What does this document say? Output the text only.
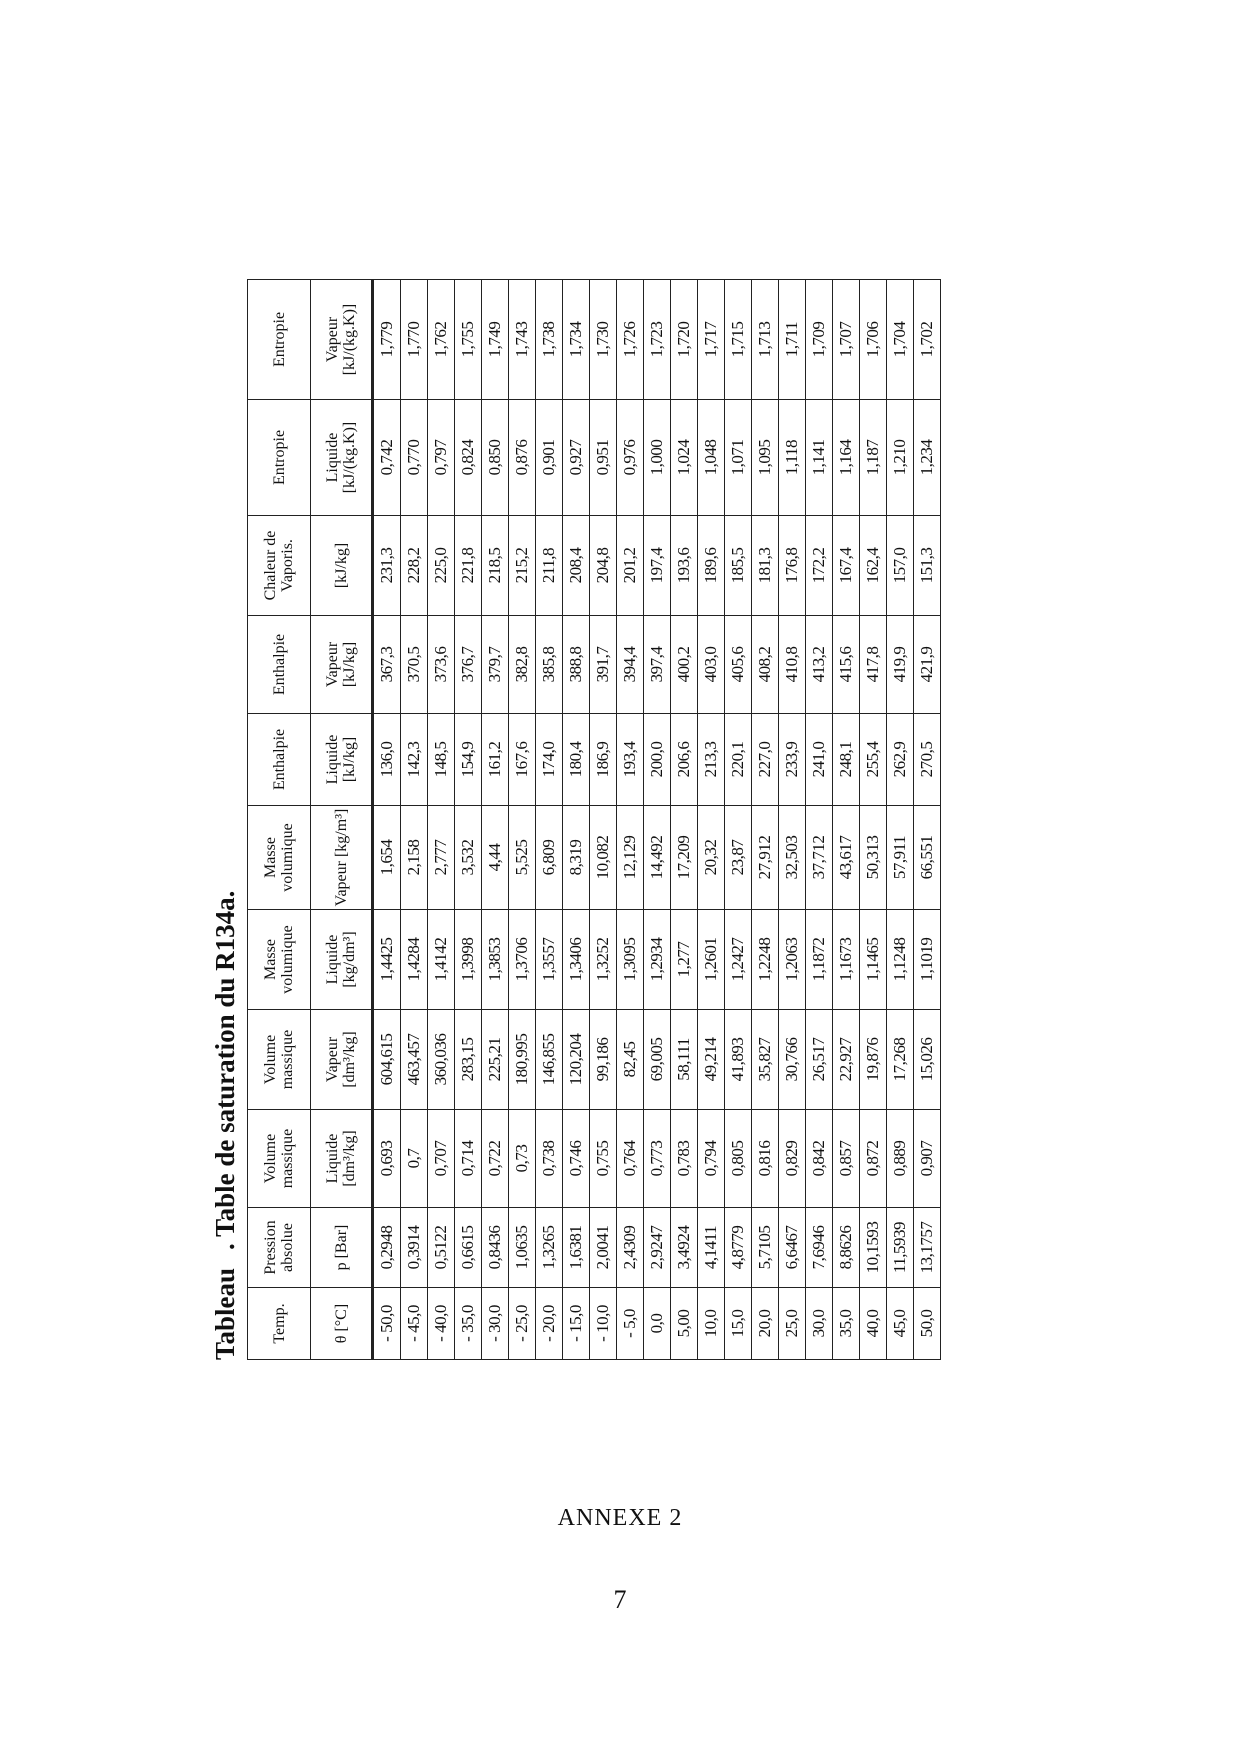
Tableau. Table de saturation du R134a.
Temp.	Pression absolue	Volume massique	Volume massique	Masse volumique	Masse volumique	Enthalpie	Enthalpie	Chaleur de Vaporis.	Entropie	Entropie
θ [°C]	p [Bar]	Liquide [dm³/kg]	Vapeur [dm³/kg]	Liquide [kg/dm³]	Vapeur [kg/m³]	Liquide [kJ/kg]	Vapeur [kJ/kg]	[kJ/kg]	Liquide [kJ/(kg.K)]	Vapeur [kJ/(kg.K)]
- 50,0	0,2948	0,693	604,615	1,4425	1,654	136,0	367,3	231,3	0,742	1,779
- 45,0	0,3914	0,7	463,457	1,4284	2,158	142,3	370,5	228,2	0,770	1,770
- 40,0	0,5122	0,707	360,036	1,4142	2,777	148,5	373,6	225,0	0,797	1,762
- 35,0	0,6615	0,714	283,15	1,3998	3,532	154,9	376,7	221,8	0,824	1,755
- 30,0	0,8436	0,722	225,21	1,3853	4,44	161,2	379,7	218,5	0,850	1,749
- 25,0	1,0635	0,73	180,995	1,3706	5,525	167,6	382,8	215,2	0,876	1,743
- 20,0	1,3265	0,738	146,855	1,3557	6,809	174,0	385,8	211,8	0,901	1,738
- 15,0	1,6381	0,746	120,204	1,3406	8,319	180,4	388,8	208,4	0,927	1,734
- 10,0	2,0041	0,755	99,186	1,3252	10,082	186,9	391,7	204,8	0,951	1,730
- 5,0	2,4309	0,764	82,45	1,3095	12,129	193,4	394,4	201,2	0,976	1,726
0,0	2,9247	0,773	69,005	1,2934	14,492	200,0	397,4	197,4	1,000	1,723
5,00	3,4924	0,783	58,111	1,277	17,209	206,6	400,2	193,6	1,024	1,720
10,0	4,1411	0,794	49,214	1,2601	20,32	213,3	403,0	189,6	1,048	1,717
15,0	4,8779	0,805	41,893	1,2427	23,87	220,1	405,6	185,5	1,071	1,715
20,0	5,7105	0,816	35,827	1,2248	27,912	227,0	408,2	181,3	1,095	1,713
25,0	6,6467	0,829	30,766	1,2063	32,503	233,9	410,8	176,8	1,118	1,711
30,0	7,6946	0,842	26,517	1,1872	37,712	241,0	413,2	172,2	1,141	1,709
35,0	8,8626	0,857	22,927	1,1673	43,617	248,1	415,6	167,4	1,164	1,707
40,0	10,1593	0,872	19,876	1,1465	50,313	255,4	417,8	162,4	1,187	1,706
45,0	11,5939	0,889	17,268	1,1248	57,911	262,9	419,9	157,0	1,210	1,704
50,0	13,1757	0,907	15,026	1,1019	66,551	270,5	421,9	151,3	1,234	1,702
ANNEXE 2
7
